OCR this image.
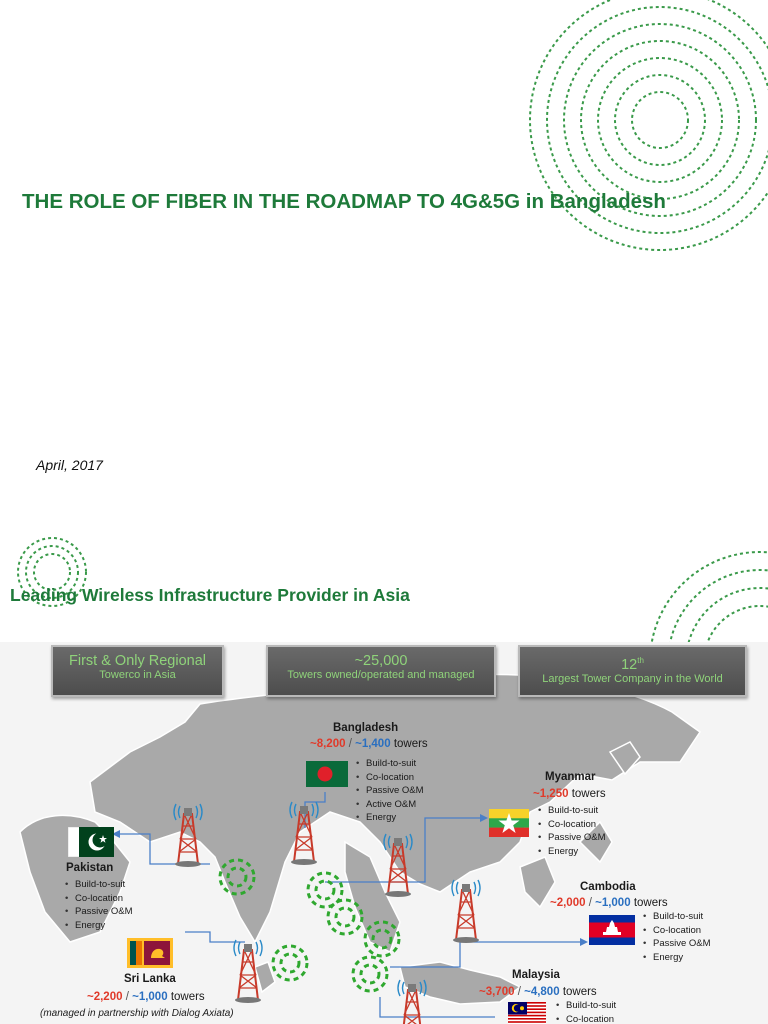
THE ROLE OF FIBER IN THE ROADMAP TO 4G&5G in Bangladesh
April, 2017
Leading Wireless Infrastructure Provider in Asia
First & Only Regional
Towerco in Asia
~25,000
Towers owned/operated and managed
12th
Largest Tower Company in the World
Bangladesh
~8,200 / ~1,400 towers
• Build-to-suit
• Co-location
• Passive O&M
• Active O&M
• Energy
Myanmar
~1,250 towers
• Build-to-suit
• Co-location
• Passive O&M
• Energy
Pakistan
• Build-to-suit
• Co-location
• Passive O&M
• Energy
Cambodia
~2,000 / ~1,000 towers
• Build-to-suit
• Co-location
• Passive O&M
• Energy
Sri Lanka
~2,200 / ~1,000 towers
(managed in partnership with Dialog Axiata)
Malaysia
~3,700 / ~4,800 towers
• Build-to-suit
• Co-location
